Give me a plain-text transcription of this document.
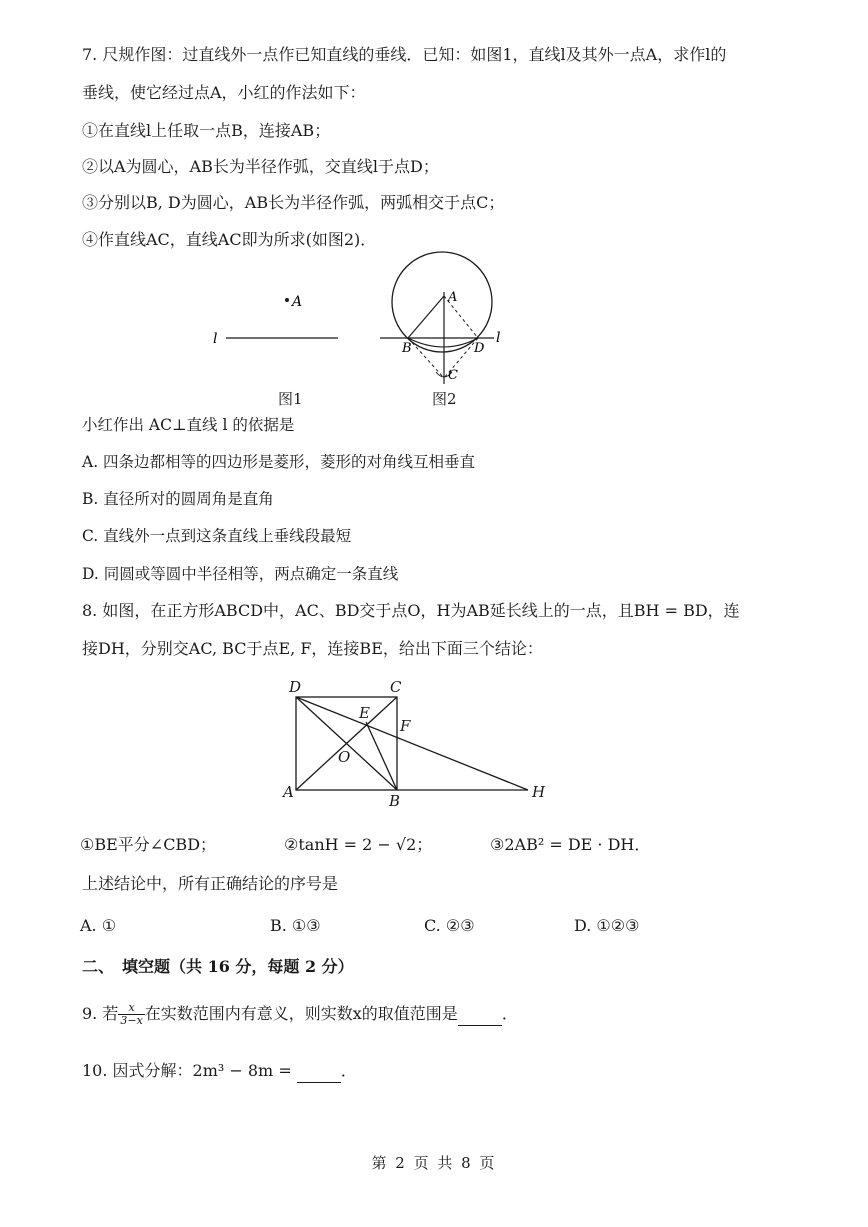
7. 尺规作图：过直线外一点作已知直线的垂线．已知：如图1，直线l及其外一点A，求作l的
垂线，使它经过点A，小红的作法如下：
①在直线l上任取一点B，连接AB；
②以A为圆心，AB长为半径作弧，交直线l于点D；
③分别以B, D为圆心，AB长为半径作弧，两弧相交于点C；
④作直线AC，直线AC即为所求(如图2)．
A
l
A
B	D
C
l
图1	图2
小红作出 AC⊥直线 l 的依据是
A. 四条边都相等的四边形是菱形，菱形的对角线互相垂直
B. 直径所对的圆周角是直角
C. 直线外一点到这条直线上垂线段最短
D. 同圆或等圆中半径相等，两点确定一条直线
8. 如图，在正方形ABCD中，AC、BD交于点O，H为AB延长线上的一点，且BH = BD，连
接DH，分别交AC, BC于点E, F，连接BE，给出下面三个结论：
D	C
E
F
O
A	B	H
①BE平分∠CBD；	②tanH = 2 − √2；	③2AB² = DE · DH．
上述结论中，所有正确结论的序号是
A. ①	B. ①③	C. ②③	D. ①②③
二、　填空题（共 16 分，每题 2 分）
9. 若 $\frac{x}{3-x}$ 在实数范围内有意义，则实数x的取值范围是	．
10. 因式分解：2m³ − 8m =	．
第 2 页 共 8 页
